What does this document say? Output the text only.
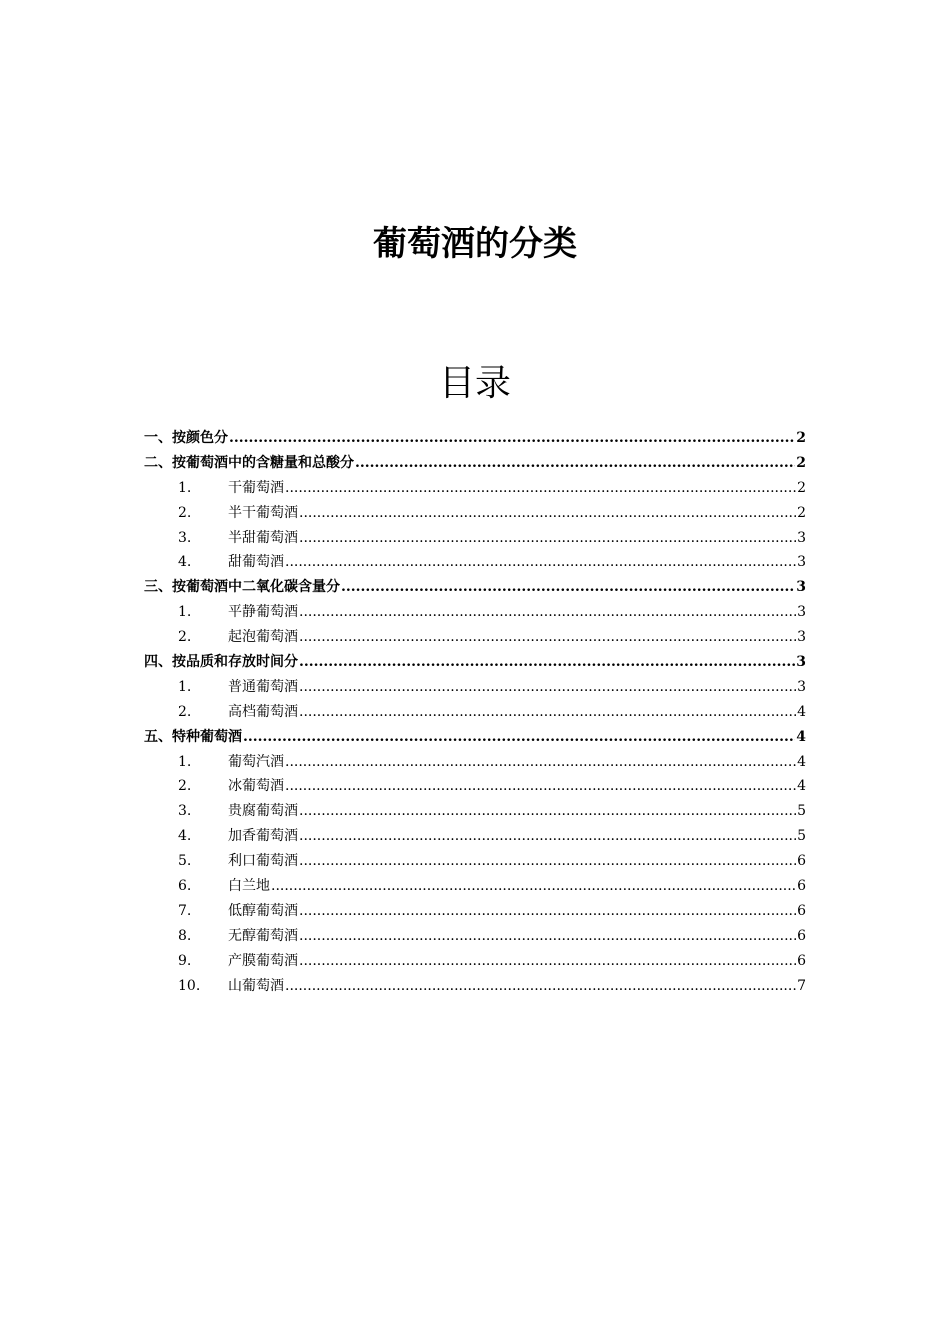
葡萄酒的分类
目录
一、按颜色分 .....	2
二、按葡萄酒中的含糖量和总酸分 .....	2
1.	干葡萄酒 .....	2
2.	半干葡萄酒 .....	2
3.	半甜葡萄酒 .....	3
4.	甜葡萄酒 .....	3
三、按葡萄酒中二氧化碳含量分 .....	3
1.	平静葡萄酒 .....	3
2.	起泡葡萄酒 .....	3
四、按品质和存放时间分 .....	3
1.	普通葡萄酒 .....	3
2.	高档葡萄酒 .....	4
五、特种葡萄酒 .....	4
1.	葡萄汽酒 .....	4
2.	冰葡萄酒 .....	4
3.	贵腐葡萄酒 .....	5
4.	加香葡萄酒 .....	5
5.	利口葡萄酒 .....	6
6.	白兰地 .....	6
7.	低醇葡萄酒 .....	6
8.	无醇葡萄酒 .....	6
9.	产膜葡萄酒 .....	6
10.	山葡萄酒 .....	7
